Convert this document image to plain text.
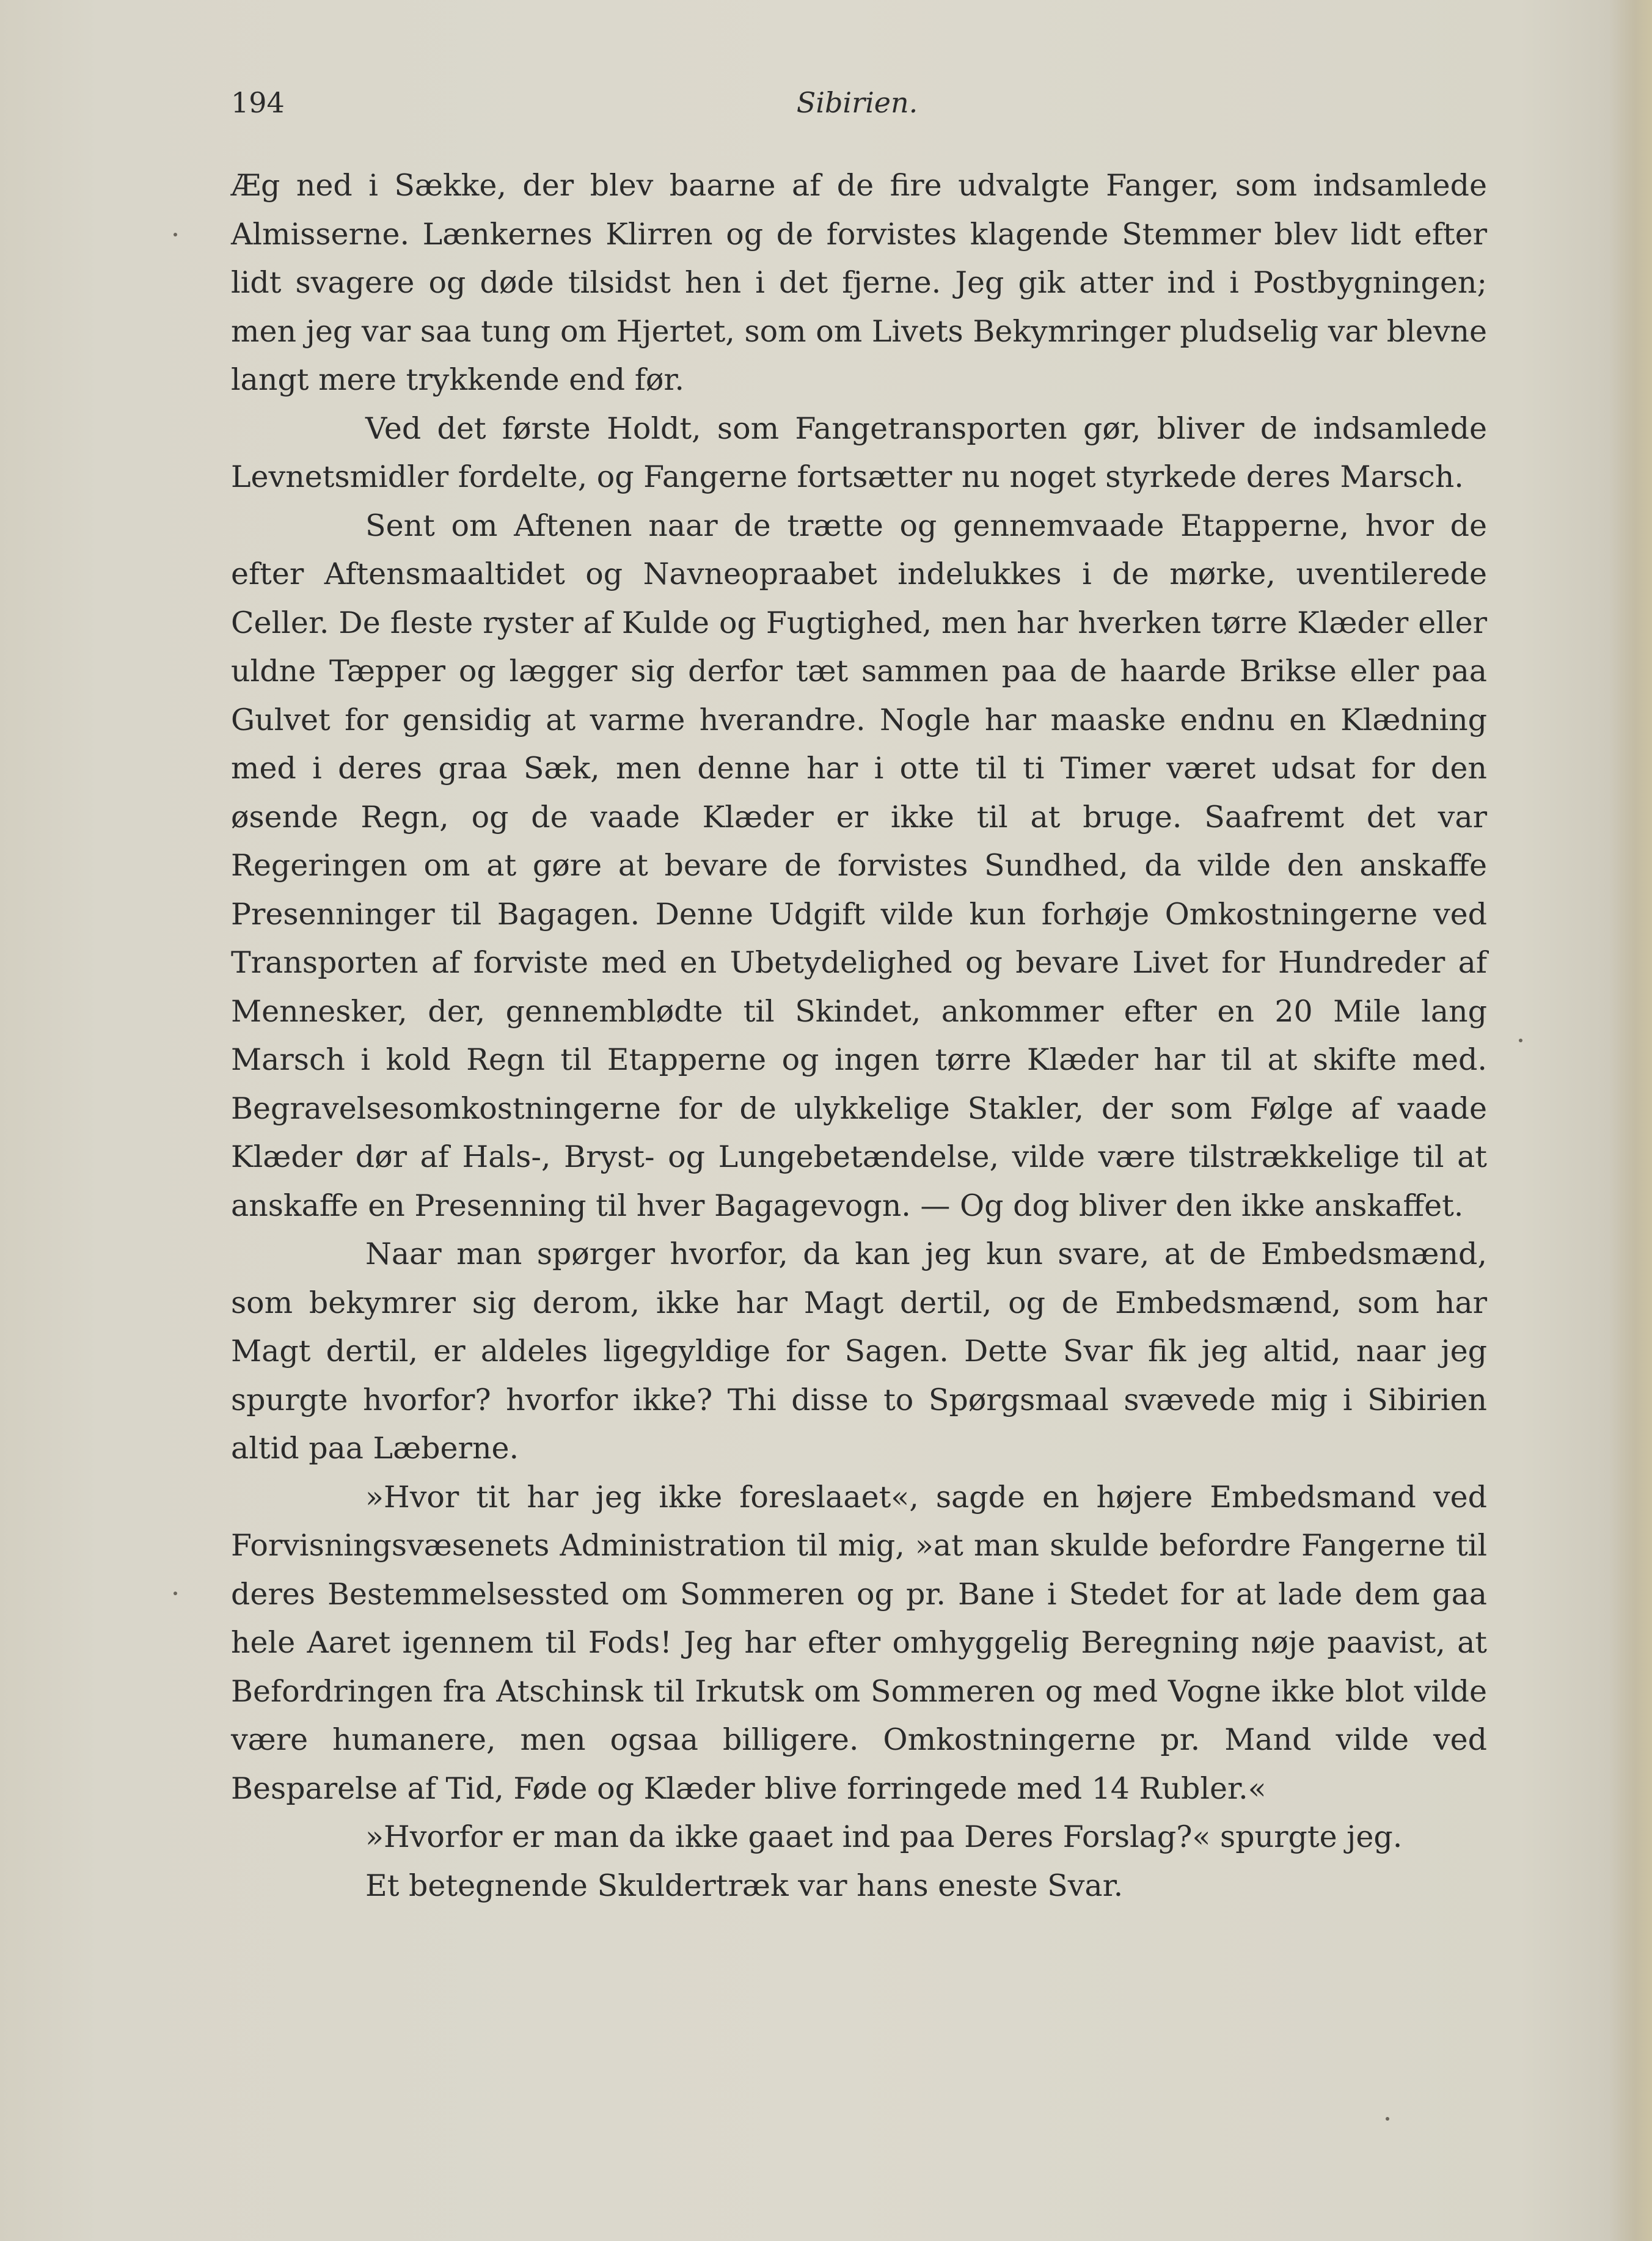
194	Sibirien.

Æg ned i Sække, der blev baarne af de fire udvalgte Fanger, som indsamlede Almisserne. Lænkernes Klirren og de forvistes klagende Stemmer blev lidt efter lidt svagere og døde tilsidst hen i det fjerne. Jeg gik atter ind i Postbygningen; men jeg var saa tung om Hjertet, som om Livets Bekymringer pludselig var blevne langt mere trykkende end før.

Ved det første Holdt, som Fangetransporten gør, bliver de indsamlede Levnetsmidler fordelte, og Fangerne fortsætter nu noget styrkede deres Marsch.

Sent om Aftenen naar de trætte og gennemvaade Etapperne, hvor de efter Aftensmaaltidet og Navneopraabet indelukkes i de mørke, uventilerede Celler. De fleste ryster af Kulde og Fugtighed, men har hverken tørre Klæder eller uldne Tæpper og lægger sig derfor tæt sammen paa de haarde Brikse eller paa Gulvet for gensidig at varme hverandre. Nogle har maaske endnu en Klædning med i deres graa Sæk, men denne har i otte til ti Timer været udsat for den øsende Regn, og de vaade Klæder er ikke til at bruge. Saafremt det var Regeringen om at gøre at bevare de forvistes Sundhed, da vilde den anskaffe Presenninger til Bagagen. Denne Udgift vilde kun forhøje Omkostningerne ved Transporten af forviste med en Ubetydelighed og bevare Livet for Hundreder af Mennesker, der, gennemblødte til Skindet, ankommer efter en 20 Mile lang Marsch i kold Regn til Etapperne og ingen tørre Klæder har til at skifte med. Begravelsesomkostningerne for de ulykkelige Stakler, der som Følge af vaade Klæder dør af Hals-, Bryst- og Lungebetændelse, vilde være tilstrækkelige til at anskaffe en Presenning til hver Bagagevogn. — Og dog bliver den ikke anskaffet.

Naar man spørger hvorfor, da kan jeg kun svare, at de Embedsmænd, som bekymrer sig derom, ikke har Magt dertil, og de Embedsmænd, som har Magt dertil, er aldeles ligegyldige for Sagen. Dette Svar fik jeg altid, naar jeg spurgte hvorfor? hvorfor ikke? Thi disse to Spørgsmaal svævede mig i Sibirien altid paa Læberne.

»Hvor tit har jeg ikke foreslaaet«, sagde en højere Embedsmand ved Forvisningsvæsenets Administration til mig, »at man skulde befordre Fangerne til deres Bestemmelsessted om Sommeren og pr. Bane i Stedet for at lade dem gaa hele Aaret igennem til Fods! Jeg har efter omhyggelig Beregning nøje paavist, at Befordringen fra Atschinsk til Irkutsk om Sommeren og med Vogne ikke blot vilde være humanere, men ogsaa billigere. Omkostningerne pr. Mand vilde ved Besparelse af Tid, Føde og Klæder blive forringede med 14 Rubler.«

»Hvorfor er man da ikke gaaet ind paa Deres Forslag?« spurgte jeg.

Et betegnende Skuldertræk var hans eneste Svar.
